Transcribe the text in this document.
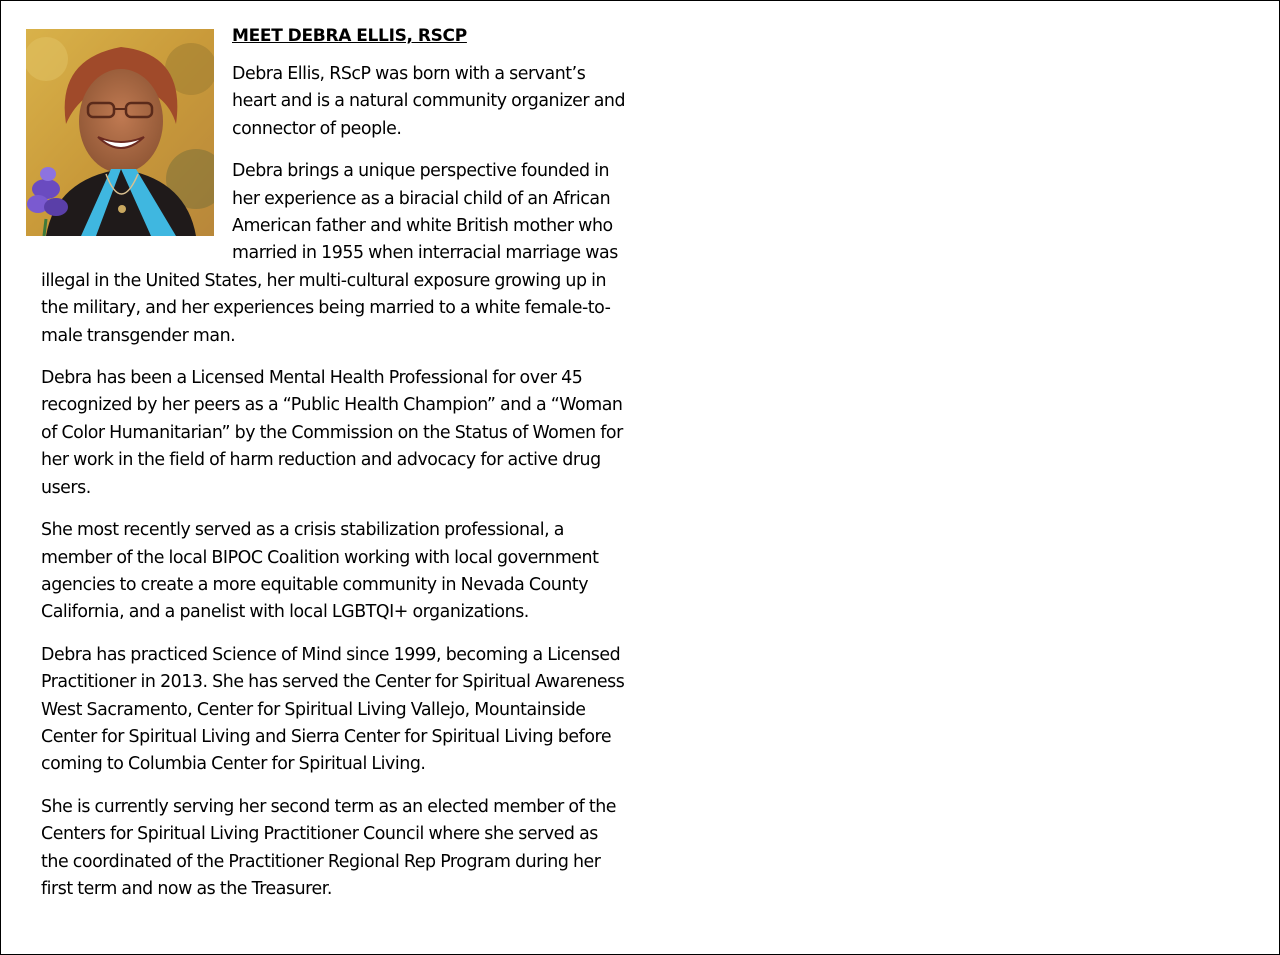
MEET DEBRA ELLIS, RSCP

Debra Ellis, RScP was born with a servant’s heart and is a natural community organizer and connector of people.

Debra brings a unique perspective founded in her experience as a biracial child of an African American father and white British mother who married in 1955 when interracial marriage was illegal in the United States, her multi-cultural exposure growing up in the military, and her experiences being married to a white female-to-male transgender man.

Debra has been a Licensed Mental Health Professional for over 45 recognized by her peers as a “Public Health Champion” and a “Woman of Color Humanitarian” by the Commission on the Status of Women for her work in the field of harm reduction and advocacy for active drug users.

She most recently served as a crisis stabilization professional, a member of the local BIPOC Coalition working with local government agencies to create a more equitable community in Nevada County California, and a panelist with local LGBTQI+ organizations.

Debra has practiced Science of Mind since 1999, becoming a Licensed Practitioner in 2013. She has served the Center for Spiritual Awareness West Sacramento, Center for Spiritual Living Vallejo, Mountainside Center for Spiritual Living and Sierra Center for Spiritual Living before coming to Columbia Center for Spiritual Living.

She is currently serving her second term as an elected member of the Centers for Spiritual Living Practitioner Council where she served as the coordinated of the Practitioner Regional Rep Program during her first term and now as the Treasurer.
